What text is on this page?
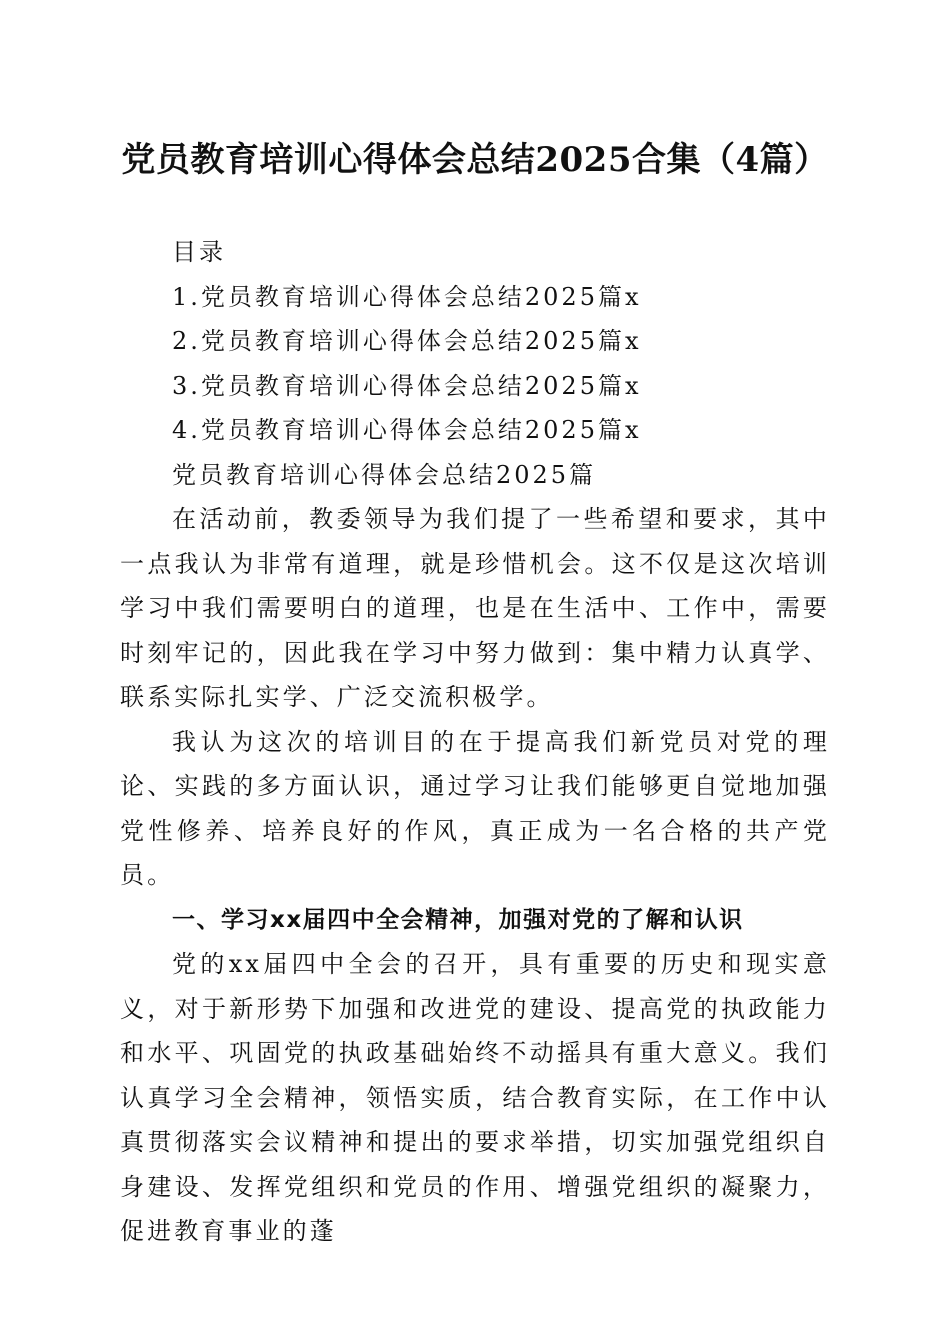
党员教育培训心得体会总结2025合集（4篇）
目录
1.党员教育培训心得体会总结2025篇x
2.党员教育培训心得体会总结2025篇x
3.党员教育培训心得体会总结2025篇x
4.党员教育培训心得体会总结2025篇x
党员教育培训心得体会总结2025篇

在活动前，教委领导为我们提了一些希望和要求，其中一点我认为非常有道理，就是珍惜机会。这不仅是这次培训学习中我们需要明白的道理，也是在生活中、工作中，需要时刻牢记的，因此我在学习中努力做到：集中精力认真学、联系实际扎实学、广泛交流积极学。

我认为这次的培训目的在于提高我们新党员对党的理论、实践的多方面认识，通过学习让我们能够更自觉地加强党性修养、培养良好的作风，真正成为一名合格的共产党员。

一、学习xx届四中全会精神，加强对党的了解和认识

党的xx届四中全会的召开，具有重要的历史和现实意义，对于新形势下加强和改进党的建设、提高党的执政能力和水平、巩固党的执政基础始终不动摇具有重大意义。我们认真学习全会精神，领悟实质，结合教育实际，在工作中认真贯彻落实会议精神和提出的要求举措，切实加强党组织自身建设、发挥党组织和党员的作用、增强党组织的凝聚力，促进教育事业的蓬
